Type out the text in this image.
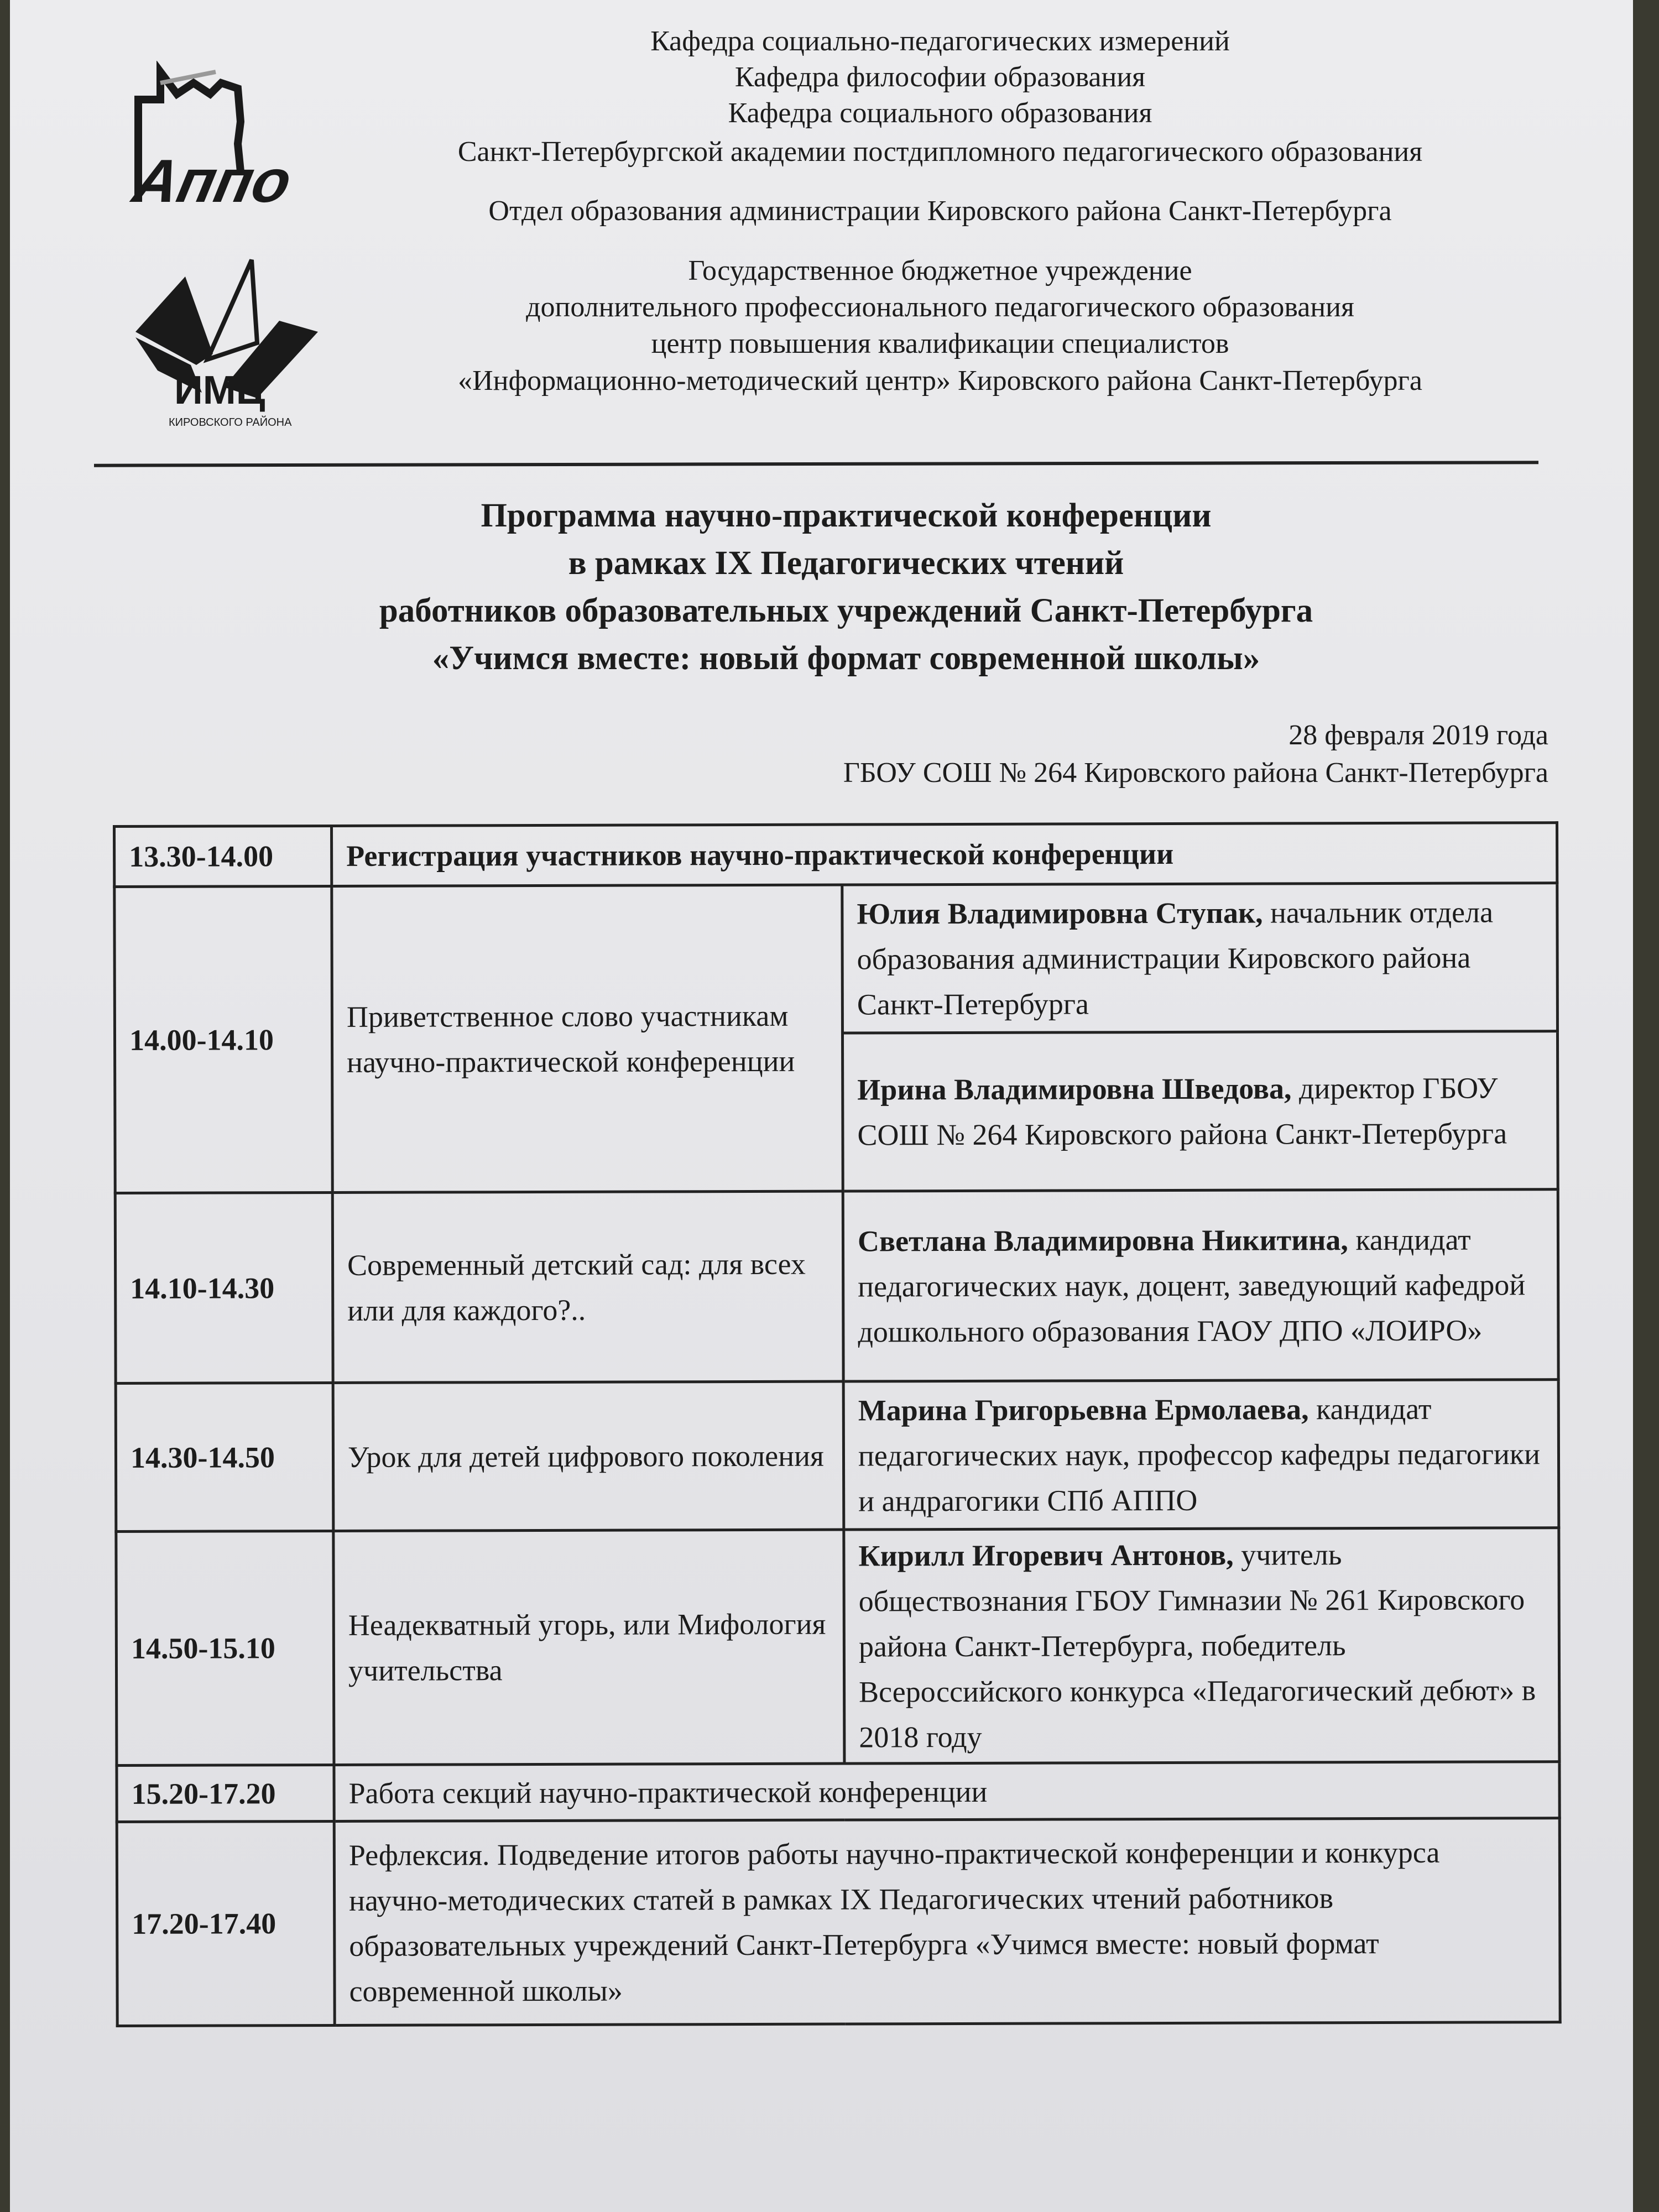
Аппо
ИМЦ
КИРОВСКОГО РАЙОНА
Кафедра социально-педагогических измерений
Кафедра философии образования
Кафедра социального образования
Санкт-Петербургской академии постдипломного педагогического образования
Отдел образования администрации Кировского района Санкт-Петербурга
Государственное бюджетное учреждение
дополнительного профессионального педагогического образования
центр повышения квалификации специалистов
«Информационно-методический центр» Кировского района Санкт-Петербурга
Программа научно-практической конференции
в рамках IX Педагогических чтений
работников образовательных учреждений Санкт-Петербурга
«Учимся вместе: новый формат современной школы»
28 февраля 2019 года
ГБОУ СОШ № 264 Кировского района Санкт-Петербурга
13.30-14.00	Регистрация участников научно-практической конференции	
14.00-14.10	Приветственное слово участникам научно-практической конференции	Юлия Владимировна Ступак, начальник отдела образования администрации Кировского района Санкт-Петербурга
		Ирина Владимировна Шведова, директор ГБОУ СОШ № 264 Кировского района Санкт-Петербурга
14.10-14.30	Современный детский сад: для всех или для каждого?..	Светлана Владимировна Никитина, кандидат педагогических наук, доцент, заведующий кафедрой дошкольного образования ГАОУ ДПО «ЛОИРО»
14.30-14.50	Урок для детей цифрового поколения	Марина Григорьевна Ермолаева, кандидат педагогических наук, профессор кафедры педагогики и андрагогики СПб АППО
14.50-15.10	Неадекватный угорь, или Мифология учительства	Кирилл Игоревич Антонов, учитель обществознания ГБОУ Гимназии № 261 Кировского района Санкт-Петербурга, победитель Всероссийского конкурса «Педагогический дебют» в 2018 году
15.20-17.20	Работа секций научно-практической конференции	
17.20-17.40	Рефлексия. Подведение итогов работы научно-практической конференции и конкурса научно-методических статей в рамках IX Педагогических чтений работников образовательных учреждений Санкт-Петербурга «Учимся вместе: новый формат современной школы»	
